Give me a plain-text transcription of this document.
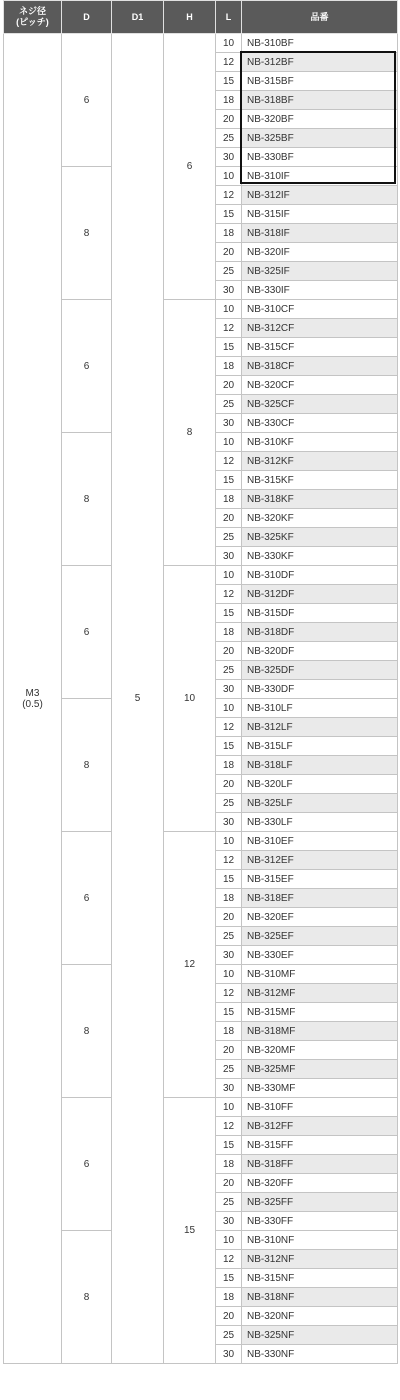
ネジ径
(ピッチ)	D	D1	H	L	品番

M3
(0.5)	6	5	6	10	NB-310BF
				12	NB-312BF
				15	NB-315BF
				18	NB-318BF
				20	NB-320BF
				25	NB-325BF
				30	NB-330BF
	8			10	NB-310IF
				12	NB-312IF
				15	NB-315IF
				18	NB-318IF
				20	NB-320IF
				25	NB-325IF
				30	NB-330IF
	6		8	10	NB-310CF
				12	NB-312CF
				15	NB-315CF
				18	NB-318CF
				20	NB-320CF
				25	NB-325CF
				30	NB-330CF
	8			10	NB-310KF
				12	NB-312KF
				15	NB-315KF
				18	NB-318KF
				20	NB-320KF
				25	NB-325KF
				30	NB-330KF
	6		10	10	NB-310DF
				12	NB-312DF
				15	NB-315DF
				18	NB-318DF
				20	NB-320DF
				25	NB-325DF
				30	NB-330DF
	8			10	NB-310LF
				12	NB-312LF
				15	NB-315LF
				18	NB-318LF
				20	NB-320LF
				25	NB-325LF
				30	NB-330LF
	6		12	10	NB-310EF
				12	NB-312EF
				15	NB-315EF
				18	NB-318EF
				20	NB-320EF
				25	NB-325EF
				30	NB-330EF
	8			10	NB-310MF
				12	NB-312MF
				15	NB-315MF
				18	NB-318MF
				20	NB-320MF
				25	NB-325MF
				30	NB-330MF
	6		15	10	NB-310FF
				12	NB-312FF
				15	NB-315FF
				18	NB-318FF
				20	NB-320FF
				25	NB-325FF
				30	NB-330FF
	8			10	NB-310NF
				12	NB-312NF
				15	NB-315NF
				18	NB-318NF
				20	NB-320NF
				25	NB-325NF
				30	NB-330NF
